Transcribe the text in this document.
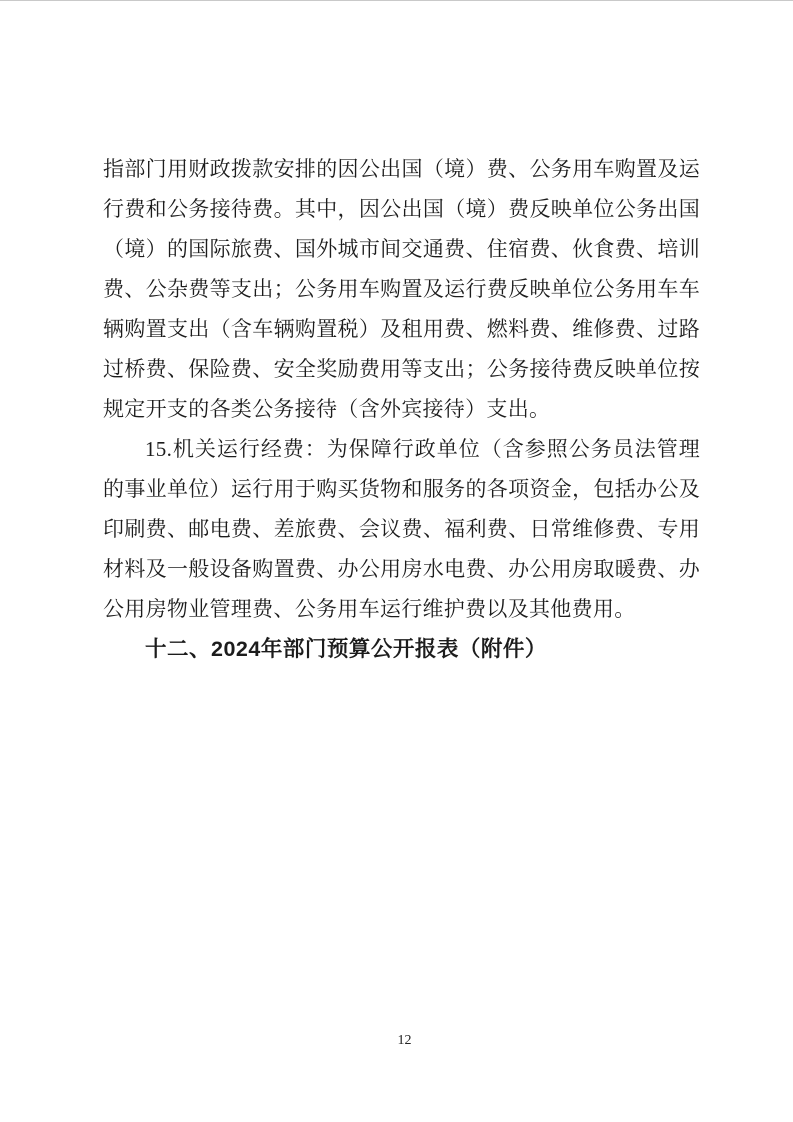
指部门用财政拨款安排的因公出国（境）费、公务用车购置及运
行费和公务接待费。其中，因公出国（境）费反映单位公务出国
（境）的国际旅费、国外城市间交通费、住宿费、伙食费、培训
费、公杂费等支出；公务用车购置及运行费反映单位公务用车车
辆购置支出（含车辆购置税）及租用费、燃料费、维修费、过路
过桥费、保险费、安全奖励费用等支出；公务接待费反映单位按
规定开支的各类公务接待（含外宾接待）支出。
15.机关运行经费：为保障行政单位（含参照公务员法管理
的事业单位）运行用于购买货物和服务的各项资金，包括办公及
印刷费、邮电费、差旅费、会议费、福利费、日常维修费、专用
材料及一般设备购置费、办公用房水电费、办公用房取暖费、办
公用房物业管理费、公务用车运行维护费以及其他费用。
十二、2024年部门预算公开报表（附件）
12
